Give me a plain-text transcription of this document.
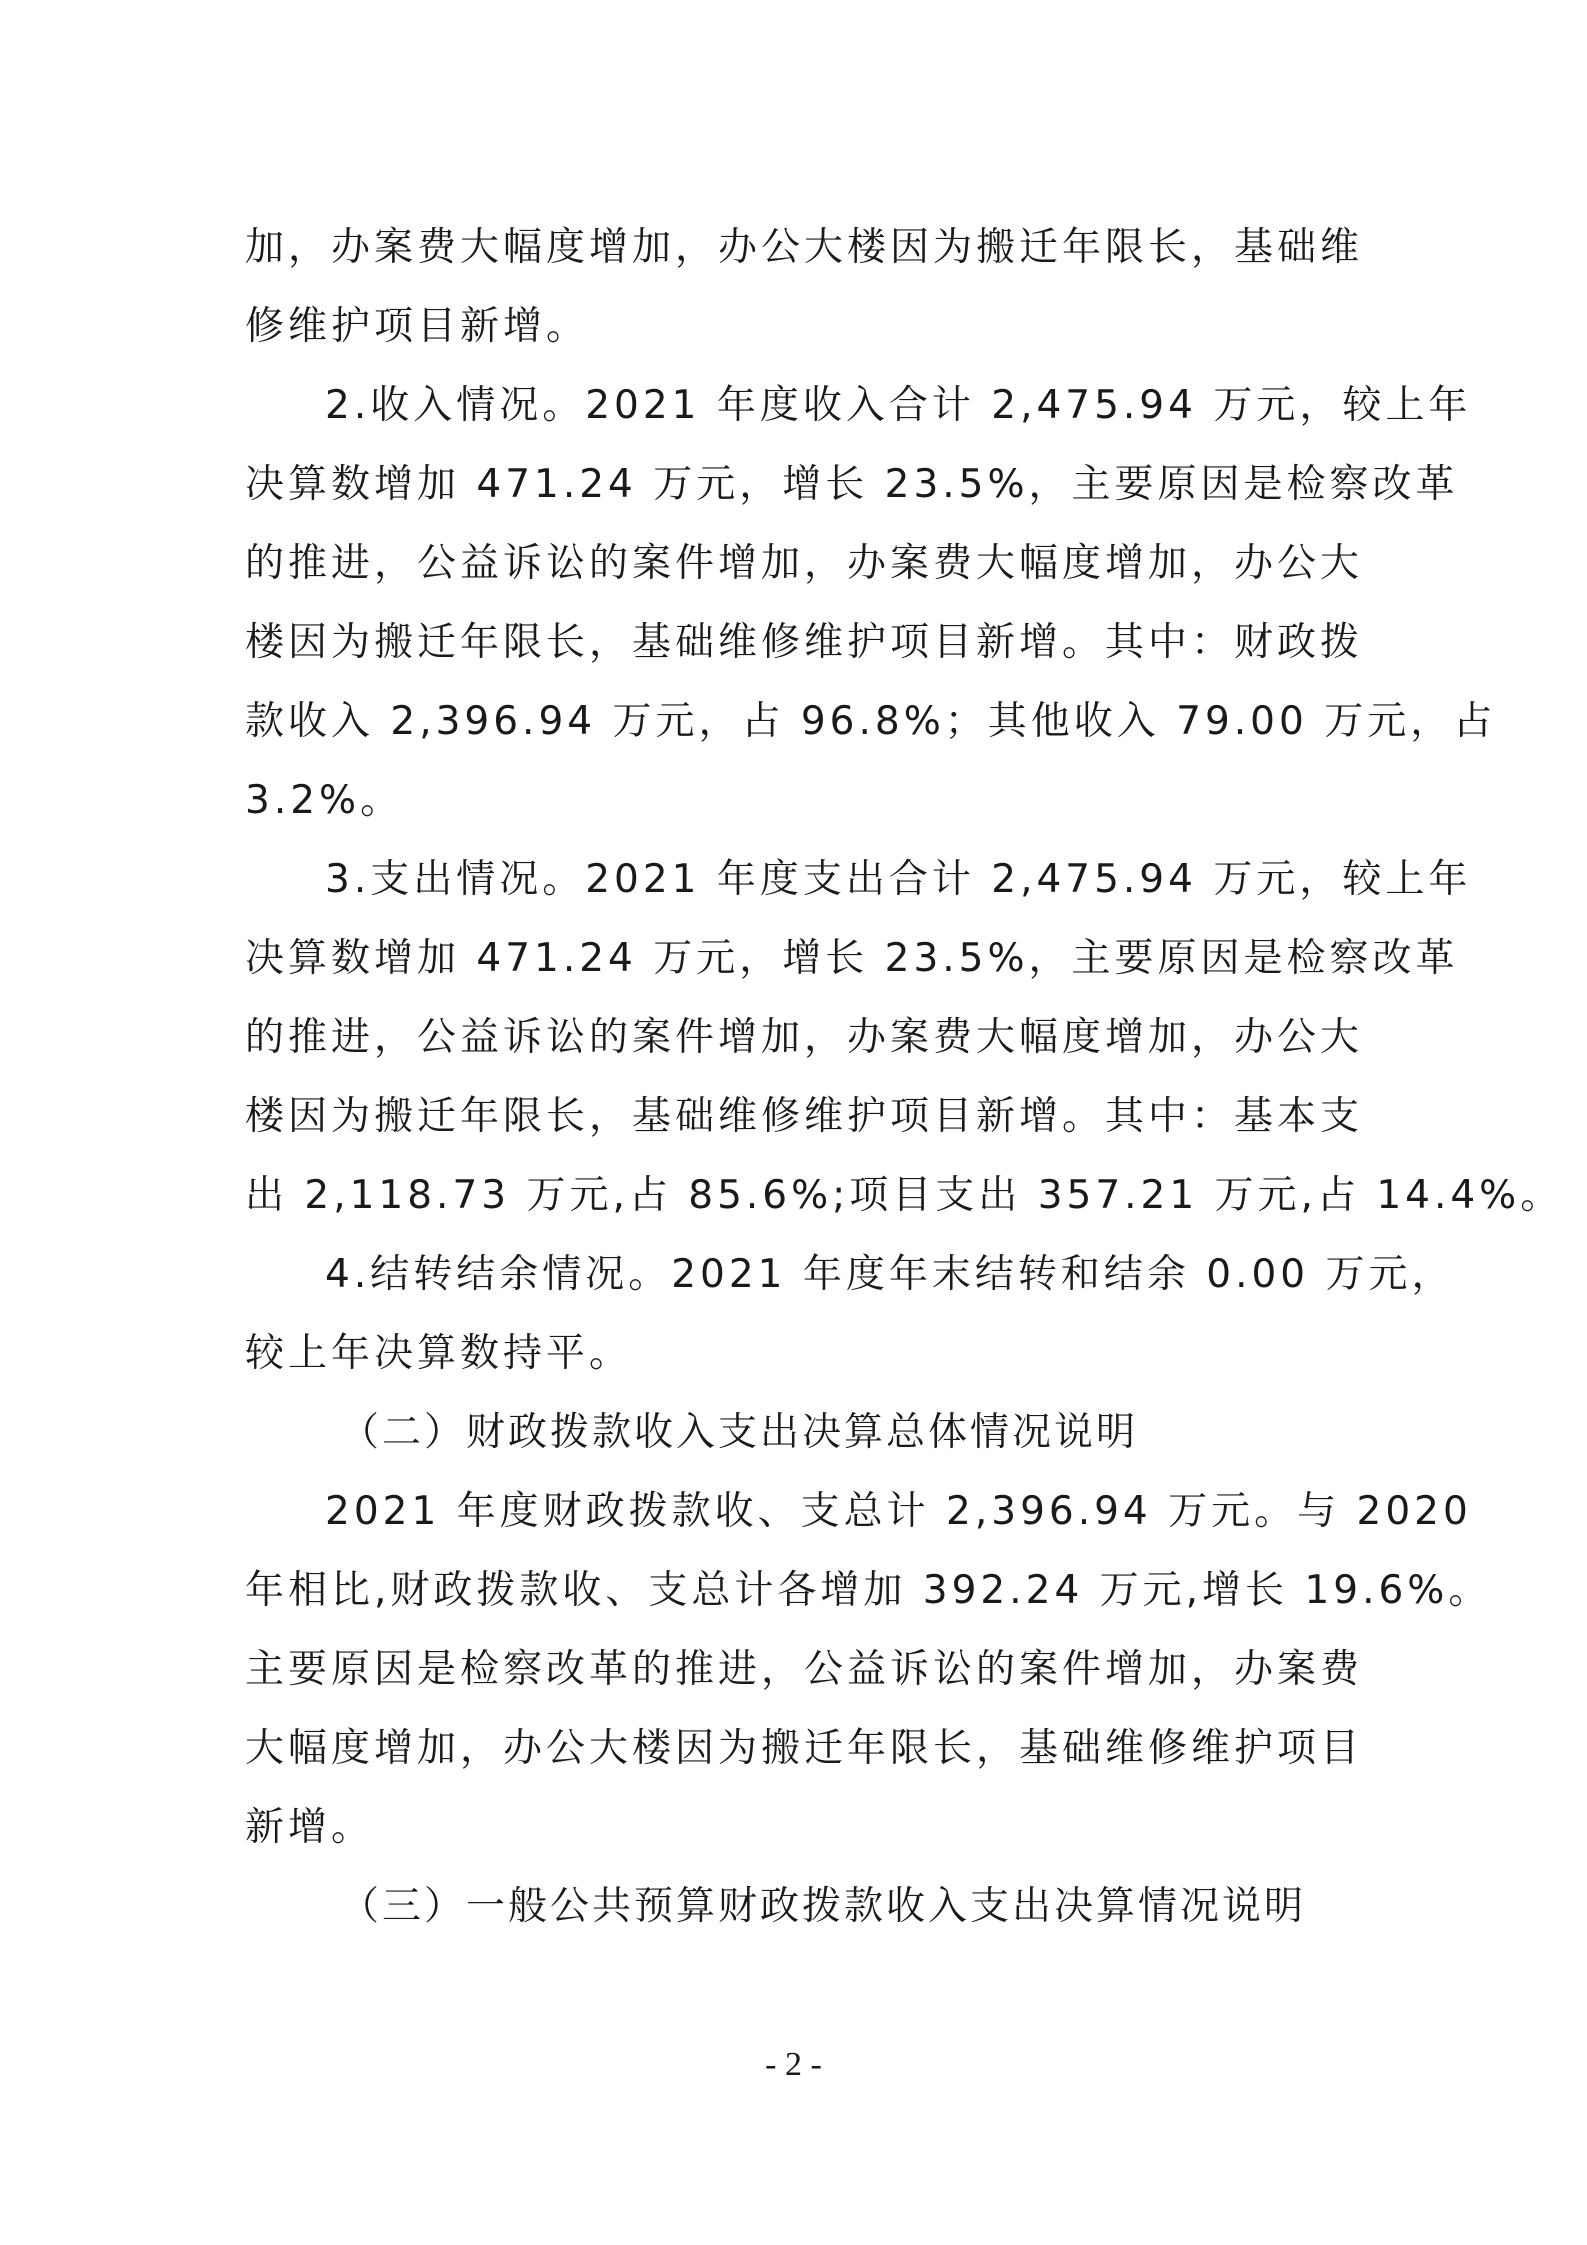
加，办案费大幅度增加，办公大楼因为搬迁年限长，基础维
修维护项目新增。
2.收入情况。2021 年度收入合计 2,475.94 万元，较上年
决算数增加 471.24 万元，增长 23.5%，主要原因是检察改革
的推进，公益诉讼的案件增加，办案费大幅度增加，办公大
楼因为搬迁年限长，基础维修维护项目新增。其中：财政拨
款收入 2,396.94 万元，占 96.8%；其他收入 79.00 万元，占
3.2%。
3.支出情况。2021 年度支出合计 2,475.94 万元，较上年
决算数增加 471.24 万元，增长 23.5%，主要原因是检察改革
的推进，公益诉讼的案件增加，办案费大幅度增加，办公大
楼因为搬迁年限长，基础维修维护项目新增。其中：基本支
出 2,118.73 万元,占 85.6%;项目支出 357.21 万元,占 14.4%。
4.结转结余情况。2021 年度年末结转和结余 0.00 万元，
较上年决算数持平。
（二）财政拨款收入支出决算总体情况说明
2021 年度财政拨款收、支总计 2,396.94 万元。与 2020
年相比,财政拨款收、支总计各增加 392.24 万元,增长 19.6%。
主要原因是检察改革的推进，公益诉讼的案件增加，办案费
大幅度增加，办公大楼因为搬迁年限长，基础维修维护项目
新增。
（三）一般公共预算财政拨款收入支出决算情况说明
- 2 -
